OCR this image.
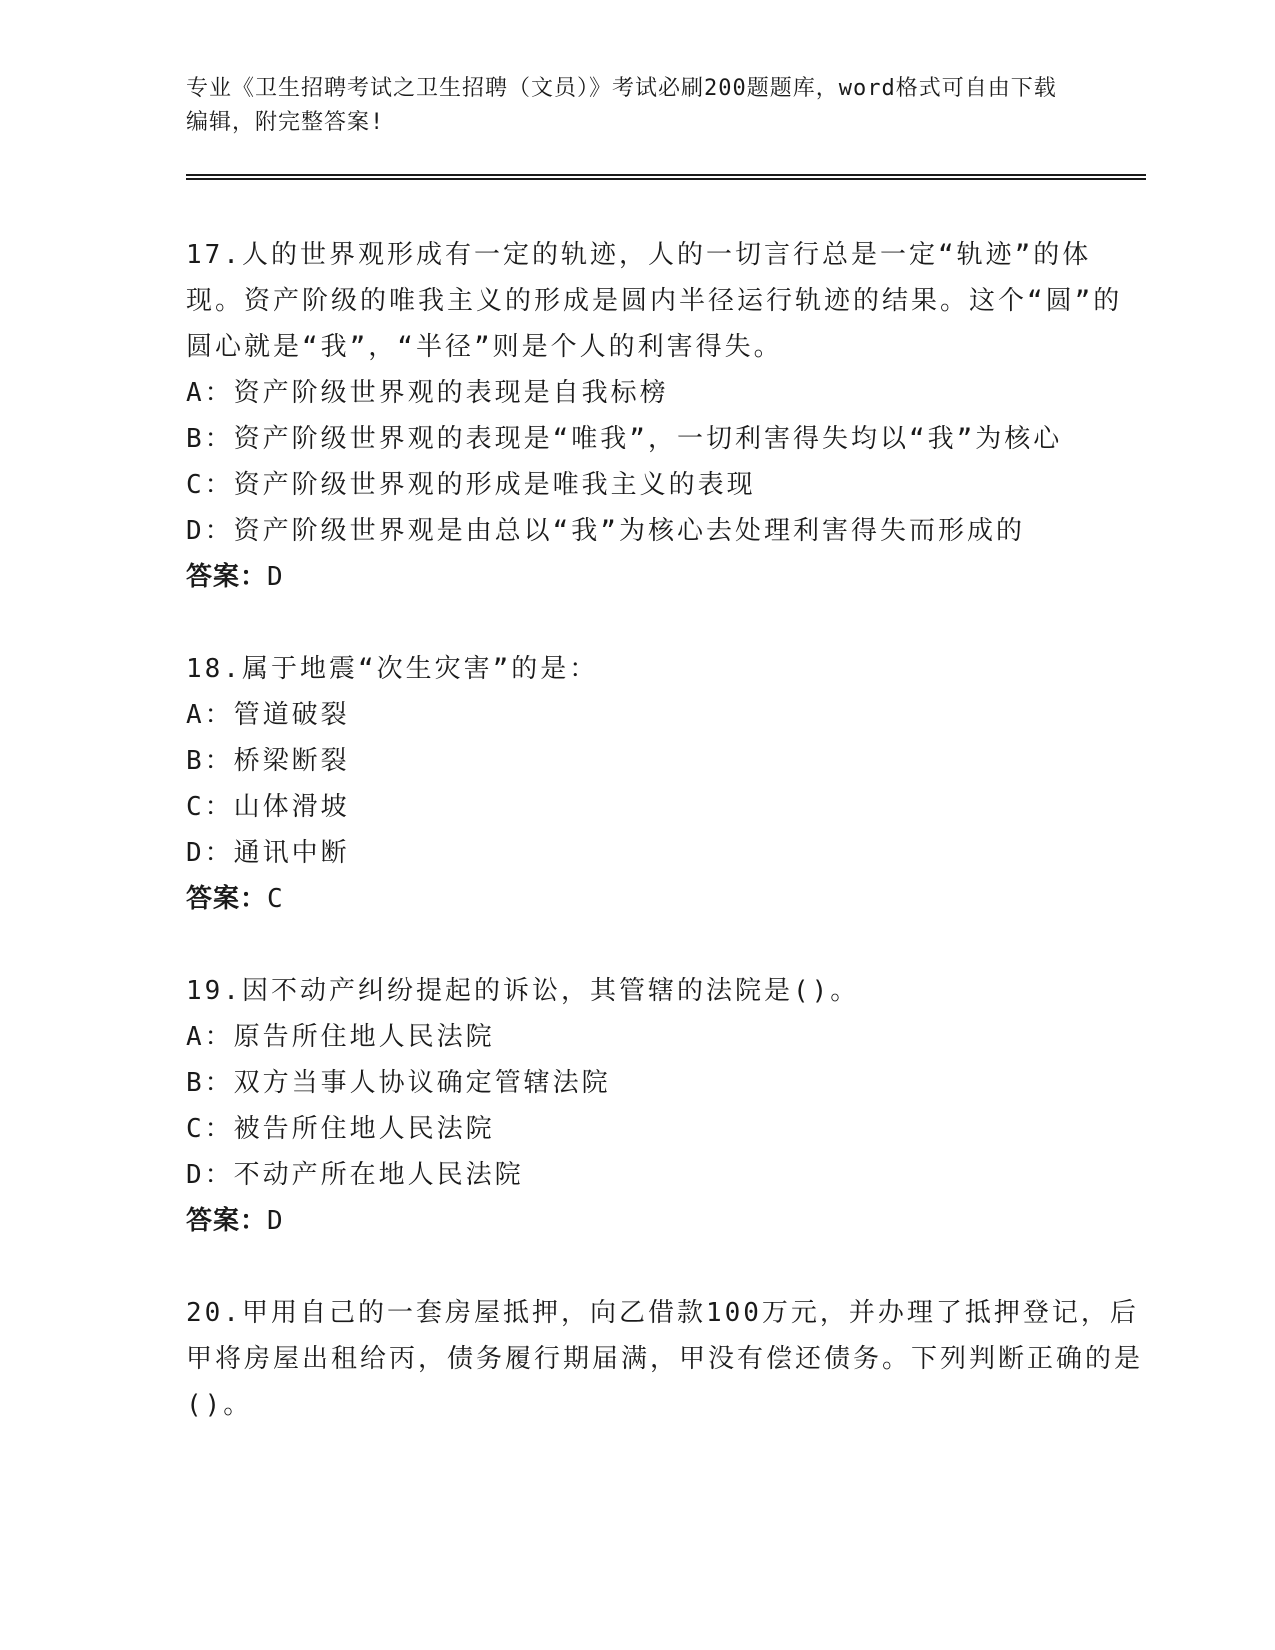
专业《卫生招聘考试之卫生招聘（文员）》考试必刷200题题库，word格式可自由下载编辑，附完整答案!

17.人的世界观形成有一定的轨迹，人的一切言行总是一定“轨迹”的体现。资产阶级的唯我主义的形成是圆内半径运行轨迹的结果。这个“圆”的圆心就是“我”，“半径”则是个人的利害得失。

A：资产阶级世界观的表现是自我标榜

B：资产阶级世界观的表现是“唯我”，一切利害得失均以“我”为核心

C：资产阶级世界观的形成是唯我主义的表现

D：资产阶级世界观是由总以“我”为核心去处理利害得失而形成的

答案：D

18.属于地震“次生灾害”的是：

A：管道破裂

B：桥梁断裂

C：山体滑坡

D：通讯中断

答案：C

19.因不动产纠纷提起的诉讼，其管辖的法院是()。

A：原告所住地人民法院

B：双方当事人协议确定管辖法院

C：被告所住地人民法院

D：不动产所在地人民法院

答案：D

20.甲用自己的一套房屋抵押，向乙借款100万元，并办理了抵押登记，后甲将房屋出租给丙，债务履行期届满，甲没有偿还债务。下列判断正确的是()。
